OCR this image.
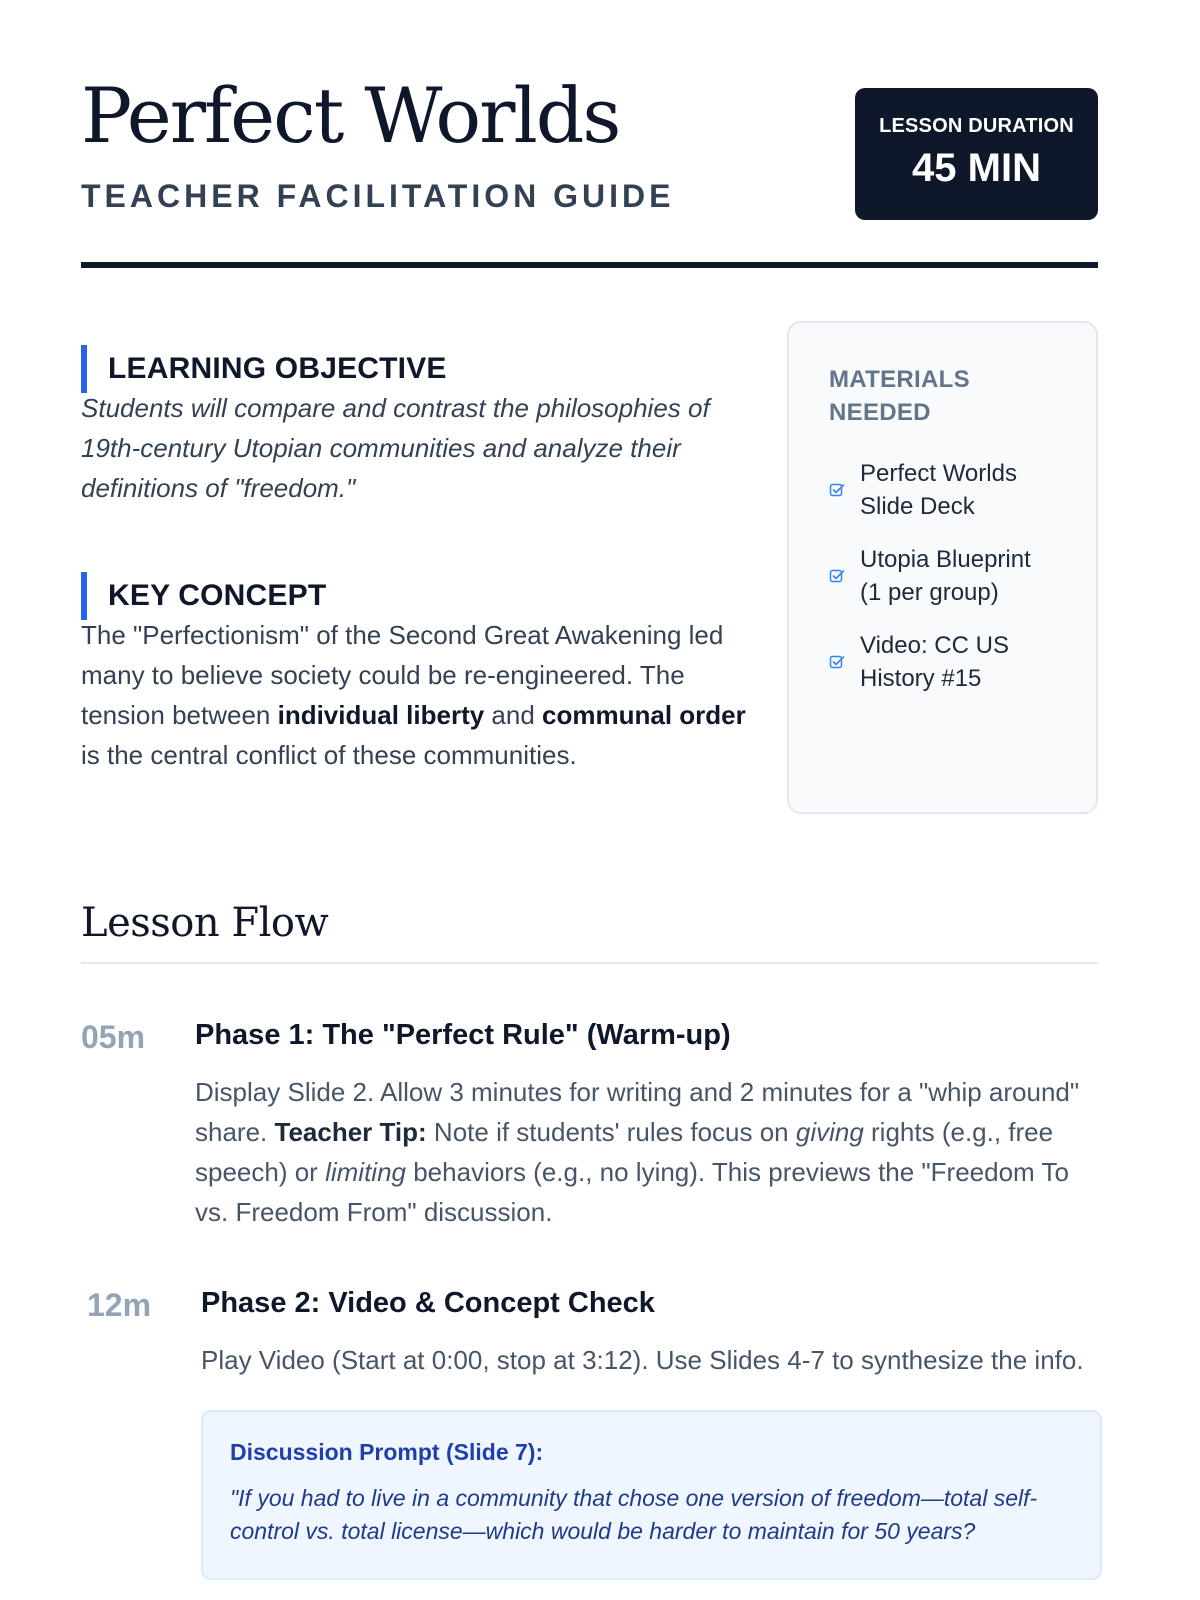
Perfect Worlds
TEACHER FACILITATION GUIDE
LESSON DURATION
45 MIN
LEARNING OBJECTIVE

Students will compare and contrast the philosophies of 19th-century Utopian communities and analyze their definitions of "freedom."

KEY CONCEPT

The "Perfectionism" of the Second Great Awakening led many to believe society could be re-engineered. The tension between individual liberty and communal order is the central conflict of these communities.

MATERIALS NEEDED
Perfect Worlds Slide Deck
Utopia Blueprint (1 per group)
Video: CC US History #15
Lesson Flow
05m Phase 1: The "Perfect Rule" (Warm-up)

Display Slide 2. Allow 3 minutes for writing and 2 minutes for a "whip around" share. Teacher Tip: Note if students' rules focus on giving rights (e.g., free speech) or limiting behaviors (e.g., no lying). This previews the "Freedom To vs. Freedom From" discussion.

12m Phase 2: Video & Concept Check

Play Video (Start at 0:00, stop at 3:12). Use Slides 4-7 to synthesize the info.

Discussion Prompt (Slide 7):

"If you had to live in a community that chose one version of freedom—total self-control vs. total license—which would be harder to maintain for 50 years?
